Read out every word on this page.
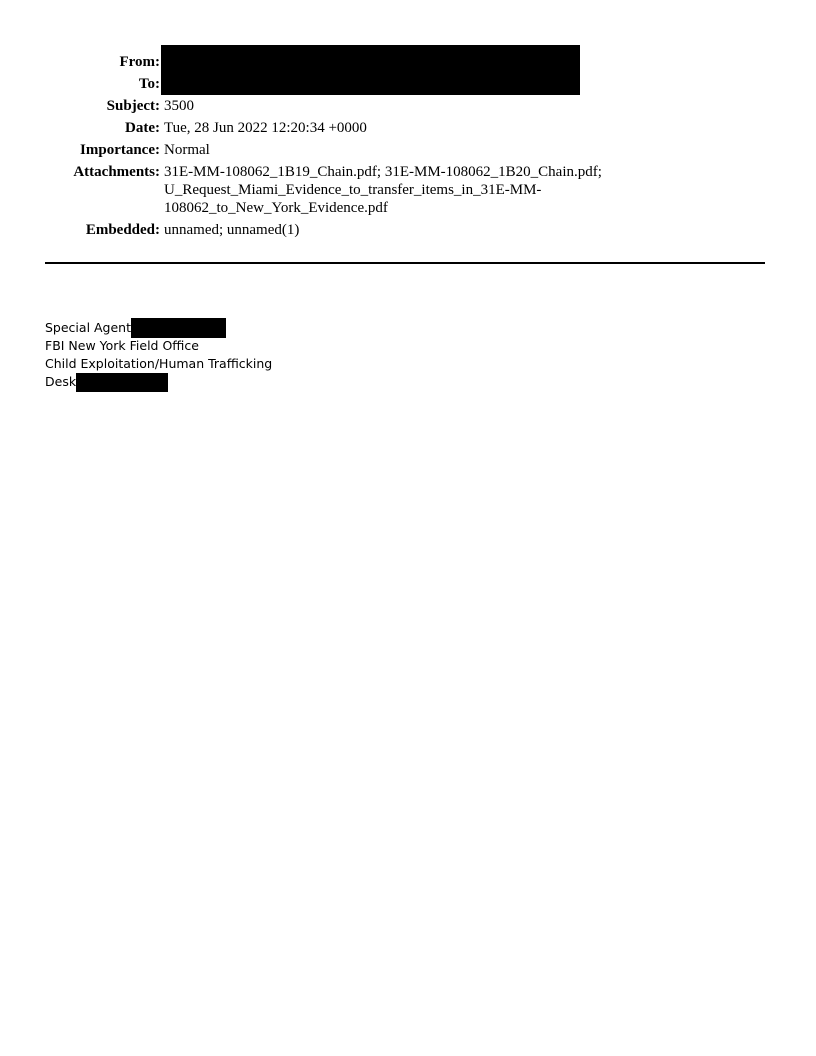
From:
To:
Subject: 3500
Date: Tue, 28 Jun 2022 12:20:34 +0000
Importance: Normal
Attachments: 31E-MM-108062_1B19_Chain.pdf; 31E-MM-108062_1B20_Chain.pdf;
U_Request_Miami_Evidence_to_transfer_items_in_31E-MM-
108062_to_New_York_Evidence.pdf
Embedded: unnamed; unnamed(1)
Special Agent
FBI New York Field Office
Child Exploitation/Human Trafficking
Desk
